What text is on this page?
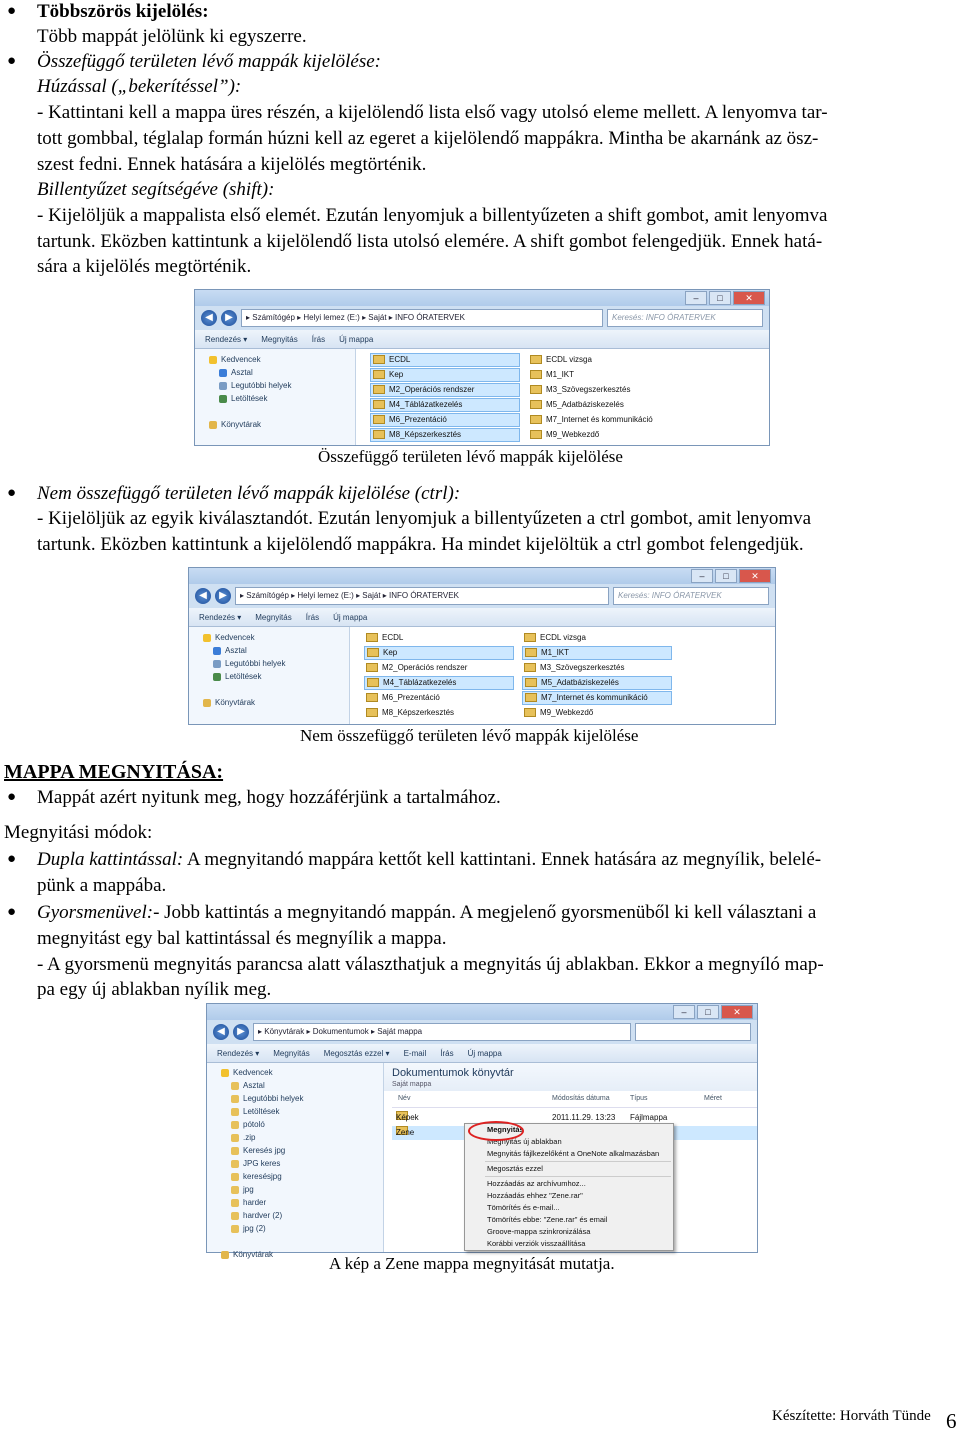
● Többszörös kijelölés:
Több mappát jelölünk ki egyszerre.
● Összefüggő területen lévő mappák kijelölése:
Húzással („bekerítéssel”):
- Kattintani kell a mappa üres részén, a kijelölendő lista első vagy utolsó eleme mellett. A lenyomva tar-
tott gombbal, téglalap formán húzni kell az egeret a kijelölendő mappákra. Mintha be akarnánk az ösz-
szest fedni. Ennek hatására a kijelölés megtörténik.
Billentyűzet segítségéve (shift):
- Kijelöljük a mappalista első elemét. Ezután lenyomjuk a billentyűzeten a shift gombot, amit lenyomva
tartunk. Eközben kattintunk a kijelölendő lista utolsó elemére. A shift gombot felengedjük. Ennek hatá-
sára a kijelölés megtörténik.
–	□	✕
◀	▶	▸ Számítógép ▸ Helyi lemez (E:) ▸ Saját ▸ INFO ÓRATERVEK	Keresés: INFO ÓRATERVEK
Rendezés ▾ Megnyitás Írás Új mappa
Kedvencek
Asztal
Legutóbbi helyek
Letöltések
Könyvtárak
ECDL	ECDL vizsga
Kep	M1_IKT
M2_Operációs rendszer	M3_Szövegszerkesztés
M4_Táblázatkezelés	M5_Adatbáziskezelés
M6_Prezentáció	M7_Internet és kommunikáció
M8_Képszerkesztés	M9_Webkezdő
Összefüggő területen lévő mappák kijelölése
● Nem összefüggő területen lévő mappák kijelölése (ctrl):
- Kijelöljük az egyik kiválasztandót. Ezután lenyomjuk a billentyűzeten a ctrl gombot, amit lenyomva
tartunk. Eközben kattintunk a kijelölendő mappákra. Ha mindet kijelöltük a ctrl gombot felengedjük.
–	□	✕
◀	▶	▸ Számítógép ▸ Helyi lemez (E:) ▸ Saját ▸ INFO ÓRATERVEK	Keresés: INFO ÓRATERVEK
Rendezés ▾ Megnyitás Írás Új mappa
Kedvencek
Asztal
Legutóbbi helyek
Letöltések
Könyvtárak
ECDL	ECDL vizsga
Kep	M1_IKT
M2_Operációs rendszer	M3_Szövegszerkesztés
M4_Táblázatkezelés	M5_Adatbáziskezelés
M6_Prezentáció	M7_Internet és kommunikáció
M8_Képszerkesztés	M9_Webkezdő
Nem összefüggő területen lévő mappák kijelölése
MAPPA MEGNYITÁSA:
● Mappát azért nyitunk meg, hogy hozzáférjünk a tartalmához.
Megnyitási módok:
● Dupla kattintással: A megnyitandó mappára kettőt kell kattintani. Ennek hatására az megnyílik, belelé-
pünk a mappába.
● Gyorsmenüvel:- Jobb kattintás a megnyitandó mappán. A megjelenő gyorsmenüből ki kell választani a
megnyitást egy bal kattintással és megnyílik a mappa.
- A gyorsmenü megnyitás parancsa alatt választhatjuk a megnyitás új ablakban. Ekkor a megnyíló map-
pa egy új ablakban nyílik meg.
–	□	✕
◀	▶	▸ Könyvtárak ▸ Dokumentumok ▸ Saját mappa
Rendezés ▾ Megnyitás Megosztás ezzel ▾ E-mail Írás Új mappa
Kedvencek
Asztal
Legutóbbi helyek
Letöltések
pótoló
.zip
Keresés jpg
JPG keres
keresésjpg
jpg
harder
hardver (2)
jpg (2)
Könyvtárak
Dokumentumok könyvtár
Saját mappa
Név	Módosítás dátuma	Típus	Méret
Képek	2011.11.29. 13:23 Fájlmappa
Zene	Megnyitás
Megnyitás új ablakban
Megnyitás fájlkezelőként a OneNote alkalmazásban
Megosztás ezzel
Hozzáadás az archívumhoz...
Hozzáadás ehhez "Zene.rar"
Tömörítés és e-mail...
Tömörítés ebbe: "Zene.rar" és email
Groove-mappa szinkronizálása
Korábbi verziók visszaállítása
A kép a Zene mappa megnyitását mutatja.
Készítette: Horváth Tünde 6
